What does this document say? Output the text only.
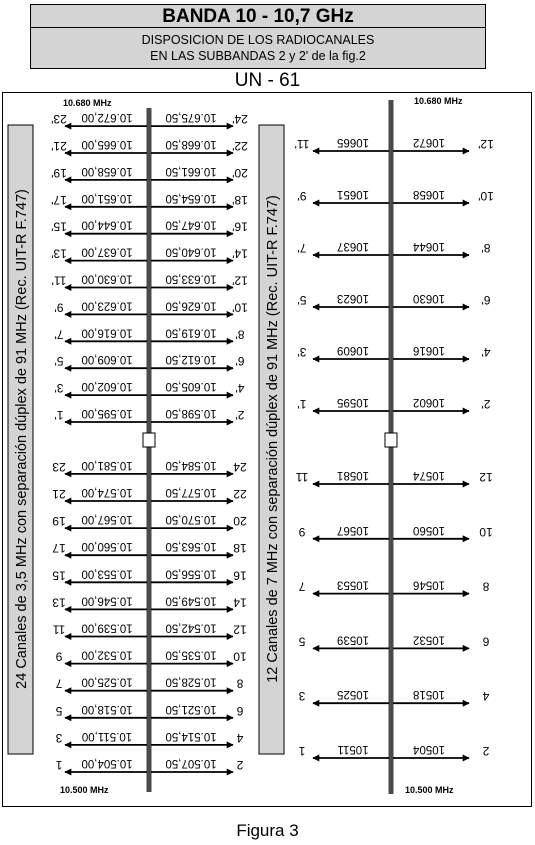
BANDA 10 - 10,7 GHz
DISPOSICION DE LOS RADIOCANALES
EN LAS SUBBANDAS 2 y 2' de la fig.2
UN - 61
24 Canales de 3,5 MHz con separación dúplex de 91 MHz (Rec. UIT-R F.747)	12 Canales de 7 MHz con separación dúplex de 91 MHz (Rec. UIT-R F.747)
10.680 MHz
10.500 MHz
10.680 MHz
10.500 MHz
1'	2'
10.595,00	10.598,50
3'	4'
10.602,00	10.605,50
5'	6'
10.609,00	10.612,50
7'	8'
10.616,00	10.619,50
9'	10'
10.623,00	10.626,50
11'	12'
10.630,00	10.633,50
13'	14'
10.637,00	10.640,50
15'	16'
10.644,00	10.647,50
17'	18'
10.651,00	10.654,50
19'	20'
10.658,00	10.661,50
21'	22'
10.665,00	10.668,50
23'	24'
10.672,00	10.675,50
1	2
10.504,00	10.507,50
3	4
10.511,00	10.514,50
5	6
10.518,00	10.521,50
7	8
10.525,00	10.528,50
9	10
10.532,00	10.535,50
11	12
10.539,00	10.542,50
13	14
10.546,00	10.549,50
15	16
10.553,00	10.556,50
17	18
10.560,00	10.563,50
19	20
10.567,00	10.570,50
21	22
10.574,00	10.577,50
23	24
10.581,00	10.584,50
1'	2'
10595	10602
3'	4'
10609	10616
5'	6'
10623	10630
7'	8'
10637	10644
9'	10'
10651	10658
11'	12'
10665	10672
1	2
10511	10504
3	4
10525	10518
5	6
10539	10532
7	8
10553	10546
9	10
10567	10560
11	12
10581	10574
Figura 3
